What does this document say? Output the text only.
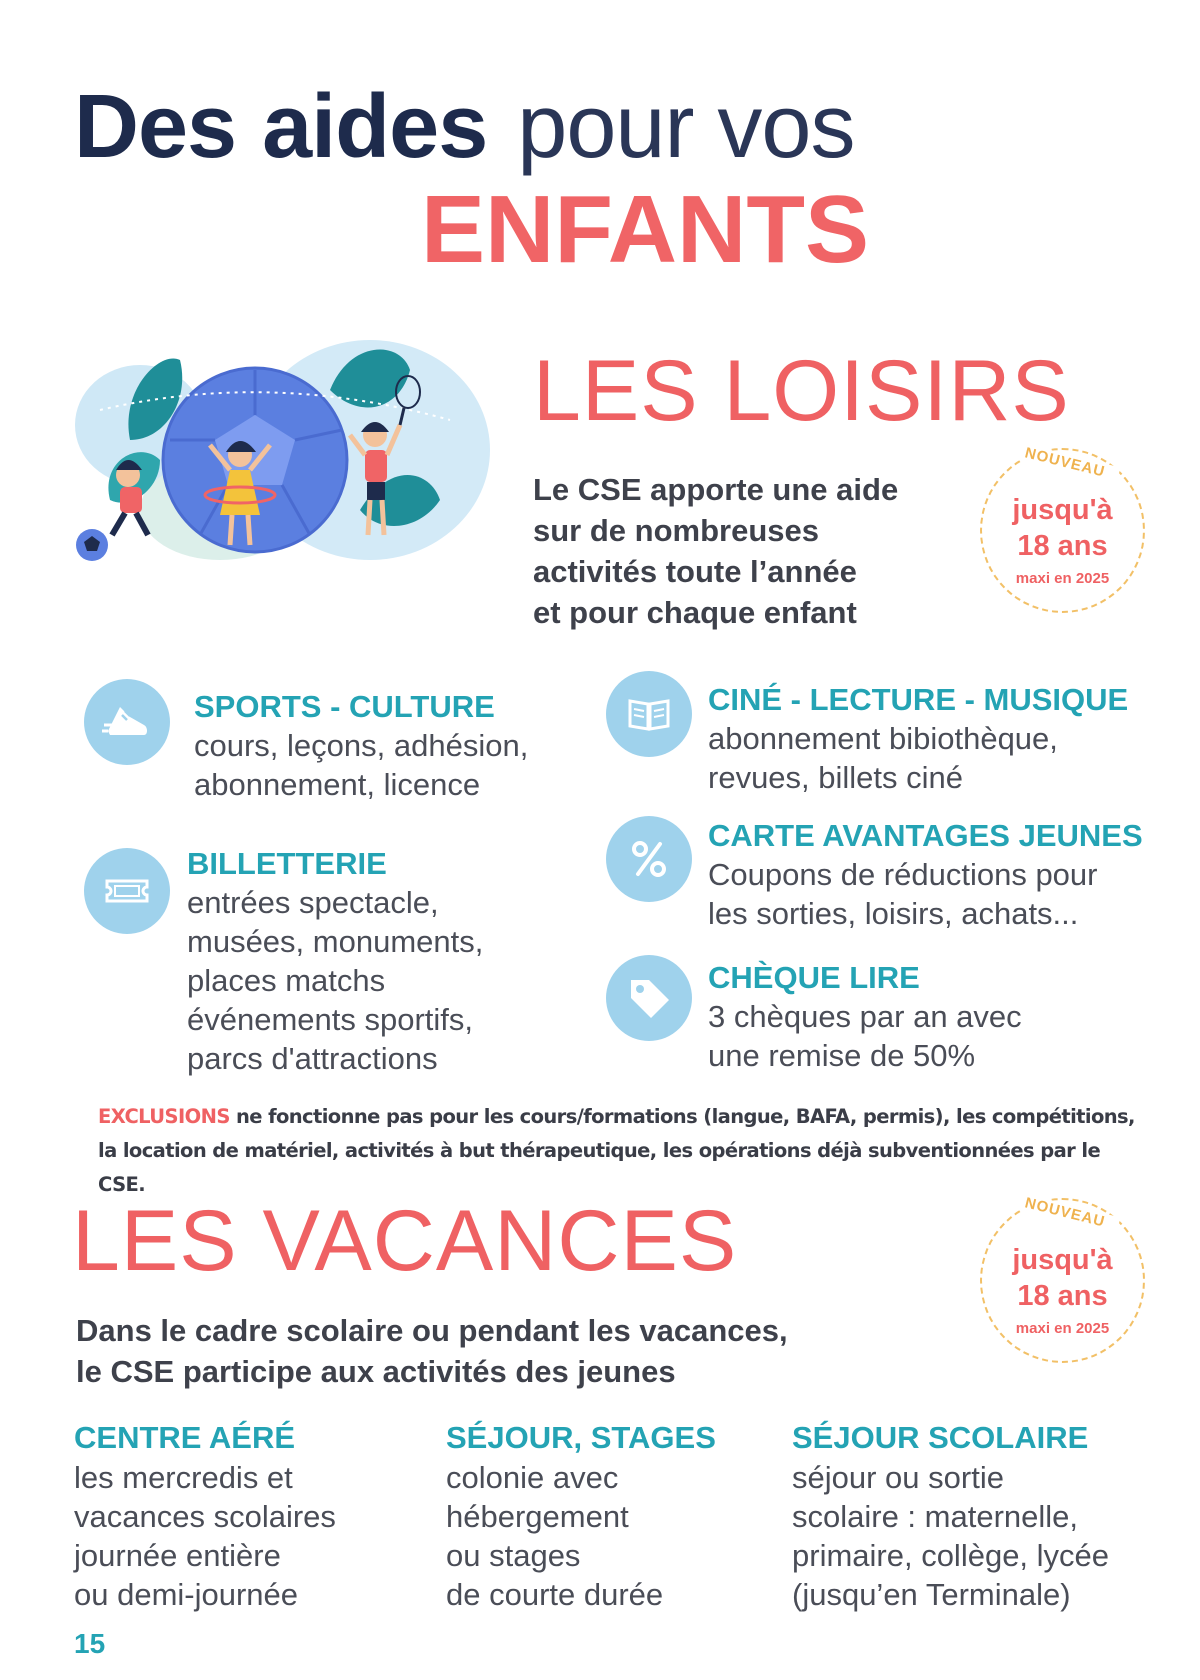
Des aides pour vos
ENFANTS
LES LOISIRS
Le CSE apporte une aide
sur de nombreuses
activités toute l’année
et pour chaque enfant
NOUVEAU
jusqu'à
18 ans
maxi en 2025
SPORTS - CULTURE
cours, leçons, adhésion,
abonnement, licence
CINÉ - LECTURE - MUSIQUE
abonnement bibiothèque,
revues, billets ciné
BILLETTERIE
entrées spectacle,
musées, monuments,
places matchs
événements sportifs,
parcs d'attractions
CARTE AVANTAGES JEUNES
Coupons de réductions pour
les sorties, loisirs, achats...
CHÈQUE LIRE
3 chèques par an avec
une remise de 50%
EXCLUSIONS ne fonctionne pas pour les cours/formations (langue, BAFA, permis), les compétitions,
la location de matériel, activités à but thérapeutique, les opérations déjà subventionnées par le CSE.
LES VACANCES	NOUVEAU
jusqu'à
18 ans
maxi en 2025
Dans le cadre scolaire ou pendant les vacances,
le CSE participe aux activités des jeunes
CENTRE AÉRÉ
les mercredis et
vacances scolaires
journée entière
ou demi-journée
SÉJOUR, STAGES
colonie avec
hébergement
ou stages
de courte durée
SÉJOUR SCOLAIRE
séjour ou sortie
scolaire : maternelle,
primaire, collège, lycée
(jusqu’en Terminale)
15
